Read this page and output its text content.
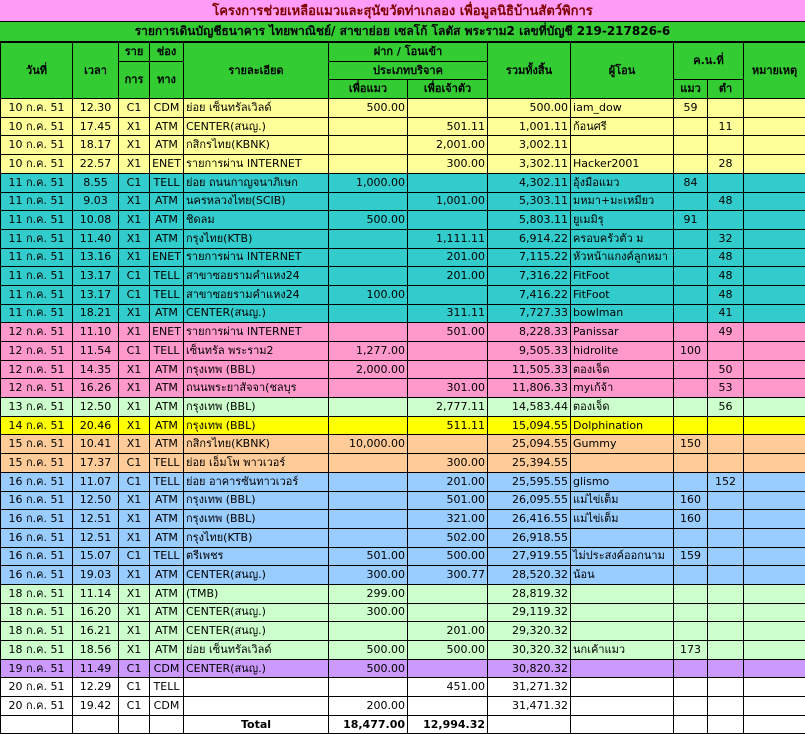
โครงการช่วยเหลือแมวและสุนัขวัดท่าเกลอง เพื่อมูลนิธิบ้านสัตว์พิการ
รายการเดินบัญชีธนาคาร ไทยพาณิชย์/ สาขาย่อย เซลโก้ โลตัส พระราม2 เลขที่บัญชี 219-217826-6
วันที่	เวลา	ราย	ช่อง	รายละเอียด	ฝาก / โอนเข้า		รวมทั้งสิ้น	ผู้โอน	ค.น.ที่		หมายเหตุ
		การ	ทาง		ประเภทบริจาค						
					เพื่อแมว	เพื่อเจ้าตัว			แมว	ตำ	
10 ก.ค. 51	12.30	C1	CDM	ย่อย เซ็นทรัลเวิลด์	500.00		500.00	iam_dow	59		
10 ก.ค. 51	17.45	X1	ATM	CENTER(สนญ.)		501.11	1,001.11	ก้อนศรี		11	
10 ก.ค. 51	18.17	X1	ATM	กสิกรไทย(KBNK)		2,001.00	3,002.11				
10 ก.ค. 51	22.57	X1	ENET	รายการผ่าน INTERNET		300.00	3,302.11	Hacker2001		28	
11 ก.ค. 51	8.55	C1	TELL	ย่อย ถนนกาญจนาภิเษก	1,000.00		4,302.11	อุ้งมือแมว	84		
11 ก.ค. 51	9.03	X1	ATM	นครหลวงไทย(SCIB)		1,001.00	5,303.11	มหมา+มะเหมียว		48	
11 ก.ค. 51	10.08	X1	ATM	ชิดลม	500.00		5,803.11	ยูเมมิรุ	91		
11 ก.ค. 51	11.40	X1	ATM	กรุงไทย(KTB)		1,111.11	6,914.22	ครอบครัวตัว ม		32	
11 ก.ค. 51	13.16	X1	ENET	รายการผ่าน INTERNET		201.00	7,115.22	หัวหน้าแกงค์ลูกหมา		48	
11 ก.ค. 51	13.17	C1	TELL	สาขาซอยรามคำแหง24		201.00	7,316.22	FitFoot		48	
11 ก.ค. 51	13.17	C1	TELL	สาขาซอยรามคำแหง24	100.00		7,416.22	FitFoot		48	
11 ก.ค. 51	18.21	X1	ATM	CENTER(สนญ.)		311.11	7,727.33	bowlman		41	
12 ก.ค. 51	11.10	X1	ENET	รายการผ่าน INTERNET		501.00	8,228.33	Panissar		49	
12 ก.ค. 51	11.54	C1	TELL	เซ็นทรัล พระราม2	1,277.00		9,505.33	hidrolite	100		
12 ก.ค. 51	14.35	X1	ATM	กรุงเทพ (BBL)	2,000.00		11,505.33	ตองเจ็ด		50	
12 ก.ค. 51	16.26	X1	ATM	ถนนพระยาสัจจา(ชลบุร		301.00	11,806.33	myเก้จ้า		53	
13 ก.ค. 51	12.50	X1	ATM	กรุงเทพ (BBL)		2,777.11	14,583.44	ตองเจ็ด		56	
14 ก.ค. 51	20.46	X1	ATM	กรุงเทพ (BBL)		511.11	15,094.55	Dolphination			
15 ก.ค. 51	10.41	X1	ATM	กสิกรไทย(KBNK)	10,000.00		25,094.55	Gummy	150		
15 ก.ค. 51	17.37	C1	TELL	ย่อย เอ็มโพ พาวเวอร์		300.00	25,394.55				
16 ก.ค. 51	11.07	C1	TELL	ย่อย อาคารซันทาวเวอร์		201.00	25,595.55	glismo		152	
16 ก.ค. 51	12.50	X1	ATM	กรุงเทพ (BBL)		501.00	26,095.55	แม่ไข่เต็ม	160		
16 ก.ค. 51	12.51	X1	ATM	กรุงเทพ (BBL)		321.00	26,416.55	แม่ไข่เต็ม	160		
16 ก.ค. 51	12.51	X1	ATM	กรุงไทย(KTB)		502.00	26,918.55				
16 ก.ค. 51	15.07	C1	TELL	ตรีเพชร	501.00	500.00	27,919.55	ไม่ประสงค์ออกนาม	159		
16 ก.ค. 51	19.03	X1	ATM	CENTER(สนญ.)	300.00	300.77	28,520.32	น้อน			
18 ก.ค. 51	11.14	X1	ATM	(TMB)	299.00		28,819.32				
18 ก.ค. 51	16.20	X1	ATM	CENTER(สนญ.)	300.00		29,119.32				
18 ก.ค. 51	16.21	X1	ATM	CENTER(สนญ.)		201.00	29,320.32				
18 ก.ค. 51	18.56	X1	ATM	ย่อย เซ็นทรัลเวิลด์	500.00	500.00	30,320.32	นกเค้าแมว	173		
19 ก.ค. 51	11.49	C1	CDM	CENTER(สนญ.)	500.00		30,820.32				
20 ก.ค. 51	12.29	C1	TELL			451.00	31,271.32				
20 ก.ค. 51	19.42	C1	CDM		200.00		31,471.32				
				Total	18,477.00	12,994.32					
